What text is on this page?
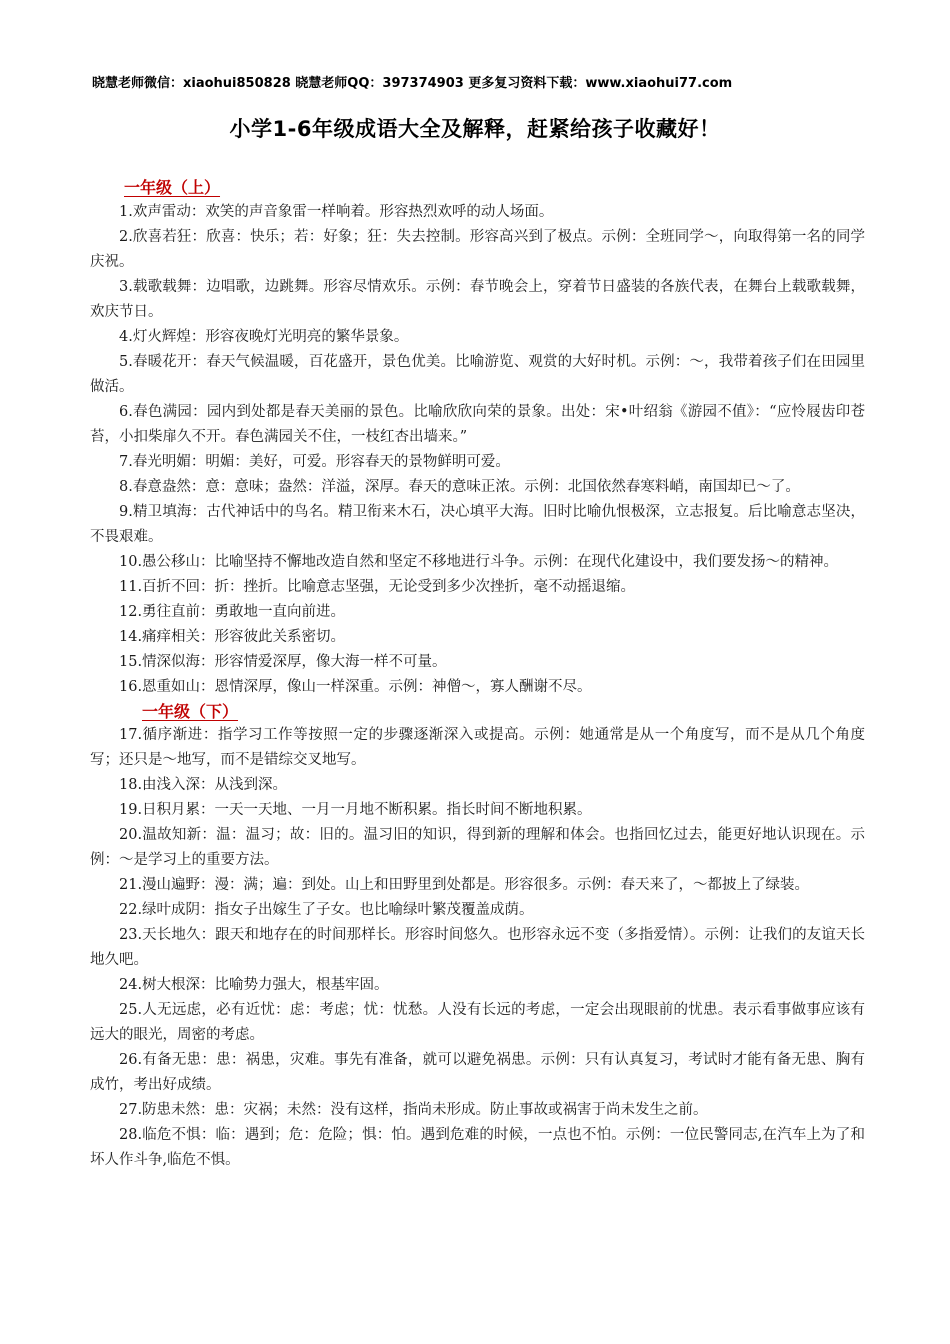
晓慧老师微信：xiaohui850828 晓慧老师QQ：397374903 更多复习资料下载：www.xiaohui77.com
小学1-6年级成语大全及解释，赶紧给孩子收藏好！
一年级（上）

1.欢声雷动：欢笑的声音象雷一样响着。形容热烈欢呼的动人场面。

2.欣喜若狂：欣喜：快乐；若：好象；狂：失去控制。形容高兴到了极点。示例：全班同学～，向取得第一名的同学庆祝。

3.载歌载舞：边唱歌，边跳舞。形容尽情欢乐。示例：春节晚会上，穿着节日盛装的各族代表，在舞台上载歌载舞，欢庆节日。

4.灯火辉煌：形容夜晚灯光明亮的繁华景象。

5.春暖花开：春天气候温暖，百花盛开，景色优美。比喻游览、观赏的大好时机。示例：～，我带着孩子们在田园里做活。

6.春色满园：园内到处都是春天美丽的景色。比喻欣欣向荣的景象。出处：宋•叶绍翁《游园不值》：“应怜屐齿印苍苔，小扣柴扉久不开。春色满园关不住，一枝红杏出墙来。”

7.春光明媚：明媚：美好，可爱。形容春天的景物鲜明可爱。

8.春意盎然：意：意味；盎然：洋溢，深厚。春天的意味正浓。示例：北国依然春寒料峭，南国却已～了。

9.精卫填海：古代神话中的鸟名。精卫衔来木石，决心填平大海。旧时比喻仇恨极深，立志报复。后比喻意志坚决，不畏艰难。

10.愚公移山：比喻坚持不懈地改造自然和坚定不移地进行斗争。示例：在现代化建设中，我们要发扬～的精神。

11.百折不回：折：挫折。比喻意志坚强，无论受到多少次挫折，毫不动摇退缩。

12.勇往直前：勇敢地一直向前进。

14.痛痒相关：形容彼此关系密切。

15.情深似海：形容情爱深厚，像大海一样不可量。

16.恩重如山：恩情深厚，像山一样深重。示例：神僧～，寡人酬谢不尽。

一年级（下）

17.循序渐进：指学习工作等按照一定的步骤逐渐深入或提高。示例：她通常是从一个角度写，而不是从几个角度写；还只是～地写，而不是错综交叉地写。

18.由浅入深：从浅到深。

19.日积月累：一天一天地、一月一月地不断积累。指长时间不断地积累。

20.温故知新：温：温习；故：旧的。温习旧的知识，得到新的理解和体会。也指回忆过去，能更好地认识现在。示例：～是学习上的重要方法。

21.漫山遍野：漫：满；遍：到处。山上和田野里到处都是。形容很多。示例：春天来了，～都披上了绿装。

22.绿叶成阴：指女子出嫁生了子女。也比喻绿叶繁茂覆盖成荫。

23.天长地久：跟天和地存在的时间那样长。形容时间悠久。也形容永远不变（多指爱情）。示例：让我们的友谊天长地久吧。

24.树大根深：比喻势力强大，根基牢固。

25.人无远虑，必有近忧：虑：考虑；忧：忧愁。人没有长远的考虑，一定会出现眼前的忧患。表示看事做事应该有远大的眼光，周密的考虑。

26.有备无患：患：祸患，灾难。事先有准备，就可以避免祸患。示例：只有认真复习，考试时才能有备无患、胸有成竹，考出好成绩。

27.防患未然：患：灾祸；未然：没有这样，指尚未形成。防止事故或祸害于尚未发生之前。

28.临危不惧：临：遇到；危：危险；惧：怕。遇到危难的时候，一点也不怕。示例：一位民警同志,在汽车上为了和坏人作斗争,临危不惧。
